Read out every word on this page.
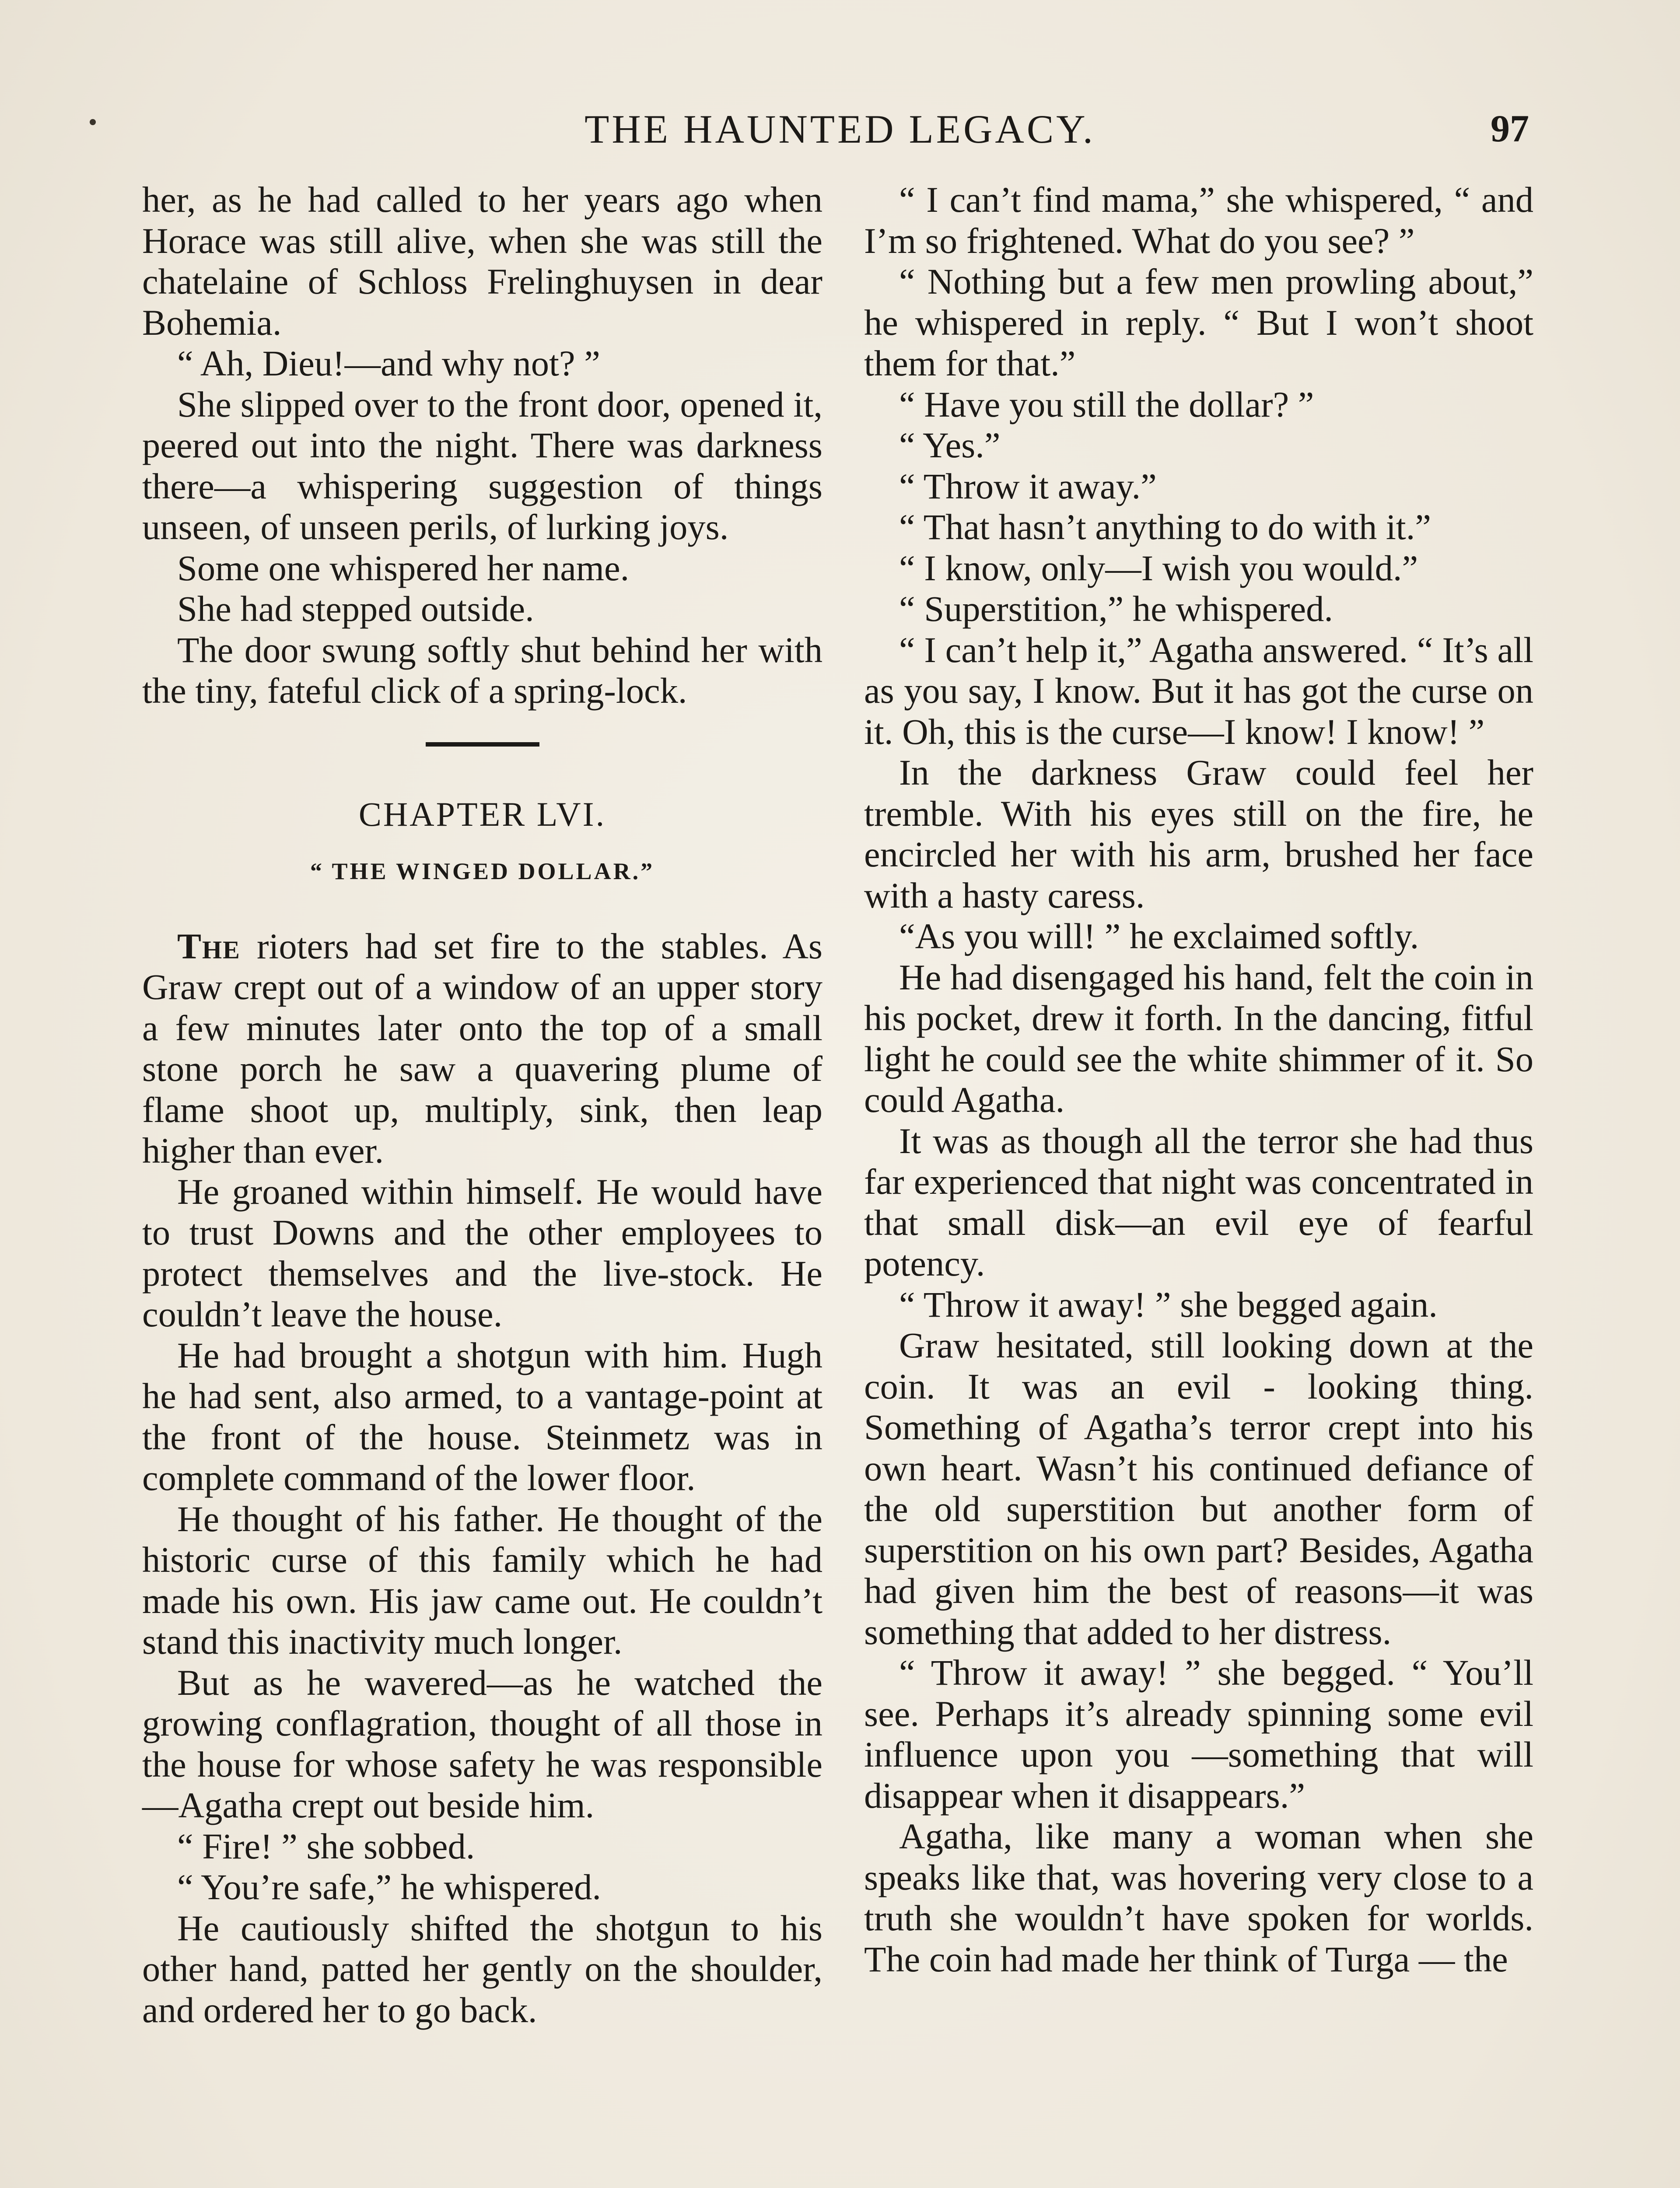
THE HAUNTED LEGACY.	97

her, as he had called to her years ago when Horace was still alive, when she was still the chatelaine of Schloss Frelinghuysen in dear Bohemia.

“ Ah, Dieu!—and why not? ”

She slipped over to the front door, opened it, peered out into the night. There was darkness there—a whispering suggestion of things unseen, of unseen perils, of lurking joys.

Some one whispered her name.

She had stepped outside.

The door swung softly shut behind her with the tiny, fateful click of a spring-lock.

CHAPTER LVI.
“ THE WINGED DOLLAR.”

The rioters had set fire to the stables. As Graw crept out of a window of an upper story a few minutes later onto the top of a small stone porch he saw a quavering plume of flame shoot up, multiply, sink, then leap higher than ever.

He groaned within himself. He would have to trust Downs and the other employees to protect themselves and the live-stock. He couldn’t leave the house.

He had brought a shotgun with him. Hugh he had sent, also armed, to a vantage-point at the front of the house. Steinmetz was in complete command of the lower floor.

He thought of his father. He thought of the historic curse of this family which he had made his own. His jaw came out. He couldn’t stand this inactivity much longer.

But as he wavered—as he watched the growing conflagration, thought of all those in the house for whose safety he was responsible—Agatha crept out beside him.

“ Fire! ” she sobbed.

“ You’re safe,” he whispered.

He cautiously shifted the shotgun to his other hand, patted her gently on the shoulder, and ordered her to go back.

“ I can’t find mama,” she whispered, “ and I’m so frightened. What do you see? ”

“ Nothing but a few men prowling about,” he whispered in reply. “ But I won’t shoot them for that.”

“ Have you still the dollar? ”

“ Yes.”

“ Throw it away.”

“ That hasn’t anything to do with it.”

“ I know, only—I wish you would.”

“ Superstition,” he whispered.

“ I can’t help it,” Agatha answered. “ It’s all as you say, I know. But it has got the curse on it. Oh, this is the curse—I know! I know! ”

In the darkness Graw could feel her tremble. With his eyes still on the fire, he encircled her with his arm, brushed her face with a hasty caress.

“As you will! ” he exclaimed softly.

He had disengaged his hand, felt the coin in his pocket, drew it forth. In the dancing, fitful light he could see the white shimmer of it. So could Agatha.

It was as though all the terror she had thus far experienced that night was concentrated in that small disk—an evil eye of fearful potency.

“ Throw it away! ” she begged again.

Graw hesitated, still looking down at the coin. It was an evil - looking thing. Something of Agatha’s terror crept into his own heart. Wasn’t his continued defiance of the old superstition but another form of superstition on his own part? Besides, Agatha had given him the best of reasons—it was something that added to her distress.

“ Throw it away! ” she begged. “ You’ll see. Perhaps it’s already spinning some evil influence upon you —something that will disappear when it disappears.”

Agatha, like many a woman when she speaks like that, was hovering very close to a truth she wouldn’t have spoken for worlds. The coin had made her think of Turga — the
